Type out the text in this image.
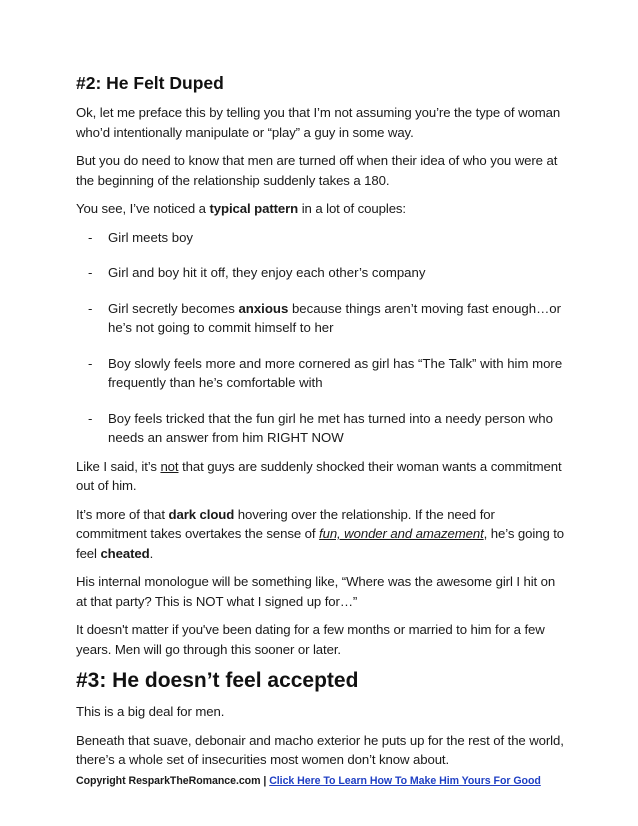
#2: He Felt Duped

Ok, let me preface this by telling you that I’m not assuming you’re the type of woman who’d intentionally manipulate or “play” a guy in some way.

But you do need to know that men are turned off when their idea of who you were at the beginning of the relationship suddenly takes a 180.

You see, I’ve noticed a typical pattern in a lot of couples:

- Girl meets boy
- Girl and boy hit it off, they enjoy each other’s company
- Girl secretly becomes anxious because things aren’t moving fast enough…or he’s not going to commit himself to her
- Boy slowly feels more and more cornered as girl has “The Talk” with him more frequently than he’s comfortable with
- Boy feels tricked that the fun girl he met has turned into a needy person who needs an answer from him RIGHT NOW

Like I said, it’s not that guys are suddenly shocked their woman wants a commitment out of him.

It’s more of that dark cloud hovering over the relationship. If the need for commitment takes overtakes the sense of fun, wonder and amazement, he’s going to feel cheated.

His internal monologue will be something like, “Where was the awesome girl I hit on at that party? This is NOT what I signed up for…”

It doesn't matter if you've been dating for a few months or married to him for a few years. Men will go through this sooner or later.

#3: He doesn’t feel accepted

This is a big deal for men.

Beneath that suave, debonair and macho exterior he puts up for the rest of the world, there’s a whole set of insecurities most women don’t know about.

Copyright ResparkTheRomance.com | Click Here To Learn How To Make Him Yours For Good
